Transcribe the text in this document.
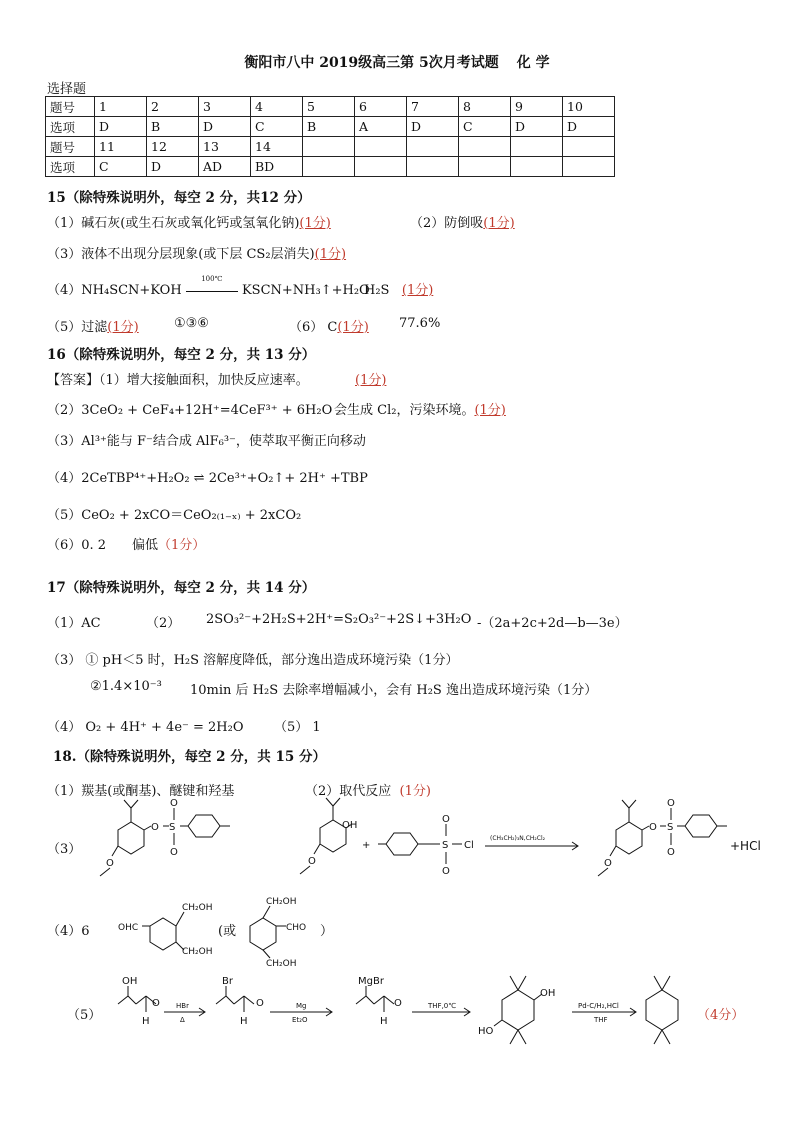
衡阳市八中 2019级高三第 5次月考试题 化 学
选择题
题号	1	2	3	4	5	6	7	8	9	10
选项	D	B	D	C	B	A	D	C	D	D
题号	11	12	13	14						
选项	C	D	AD	BD						
15（除特殊说明外，每空 2 分，共12 分）
（1）碱石灰(或生石灰或氧化钙或氢氧化钠)(1分)	（2）防倒吸(1分)
（3）液体不出现分层现象(或下层 CS₂层消失)(1分)
（4）NH₄SCN+KOH
100℃
KSCN+NH₃↑+H₂O
H₂S (1分)
（5）过滤(1分)	①③⑥	（6） C(1分) 77.6%
16（除特殊说明外，每空 2 分，共 13 分）
【答案】（1）增大接触面积，加快反应速率。	(1分)
（2）3CeO₂ + CeF₄+12H⁺=4CeF³⁺ + 6H₂O 会生成 Cl₂，污染环境。(1分)
（3）Al³⁺能与 F⁻结合成 AlF₆³⁻，使萃取平衡正向移动
（4）2CeTBP⁴⁺+H₂O₂ ⇌ 2Ce³⁺+O₂↑+ 2H⁺ +TBP
（5）CeO₂ + 2xCO＝CeO₂₍₁₋ₓ₎ + 2xCO₂
（6）0. 2 偏低（1分）
17（除特殊说明外，每空 2 分，共 14 分）
（1）AC	（2） 2SO₃²⁻+2H₂S+2H⁺=S₂O₃²⁻+2S↓+3H₂O -（2a+2c+2d—b—3e）
（3） ① pH＜5 时，H₂S 溶解度降低，部分逸出造成环境污染（1分）
②1.4×10⁻³ 10min 后 H₂S 去除率增幅减小，会有 H₂S 逸出造成环境污染（1分）
（4） O₂ + 4H⁺ + 4e⁻ = 2H₂O （5） 1
18.（除特殊说明外，每空 2 分，共 15 分）
（1）羰基(或酮基)、醚键和羟基	（2）取代反应 (1分)
（3）
（4）6	(或	）
（5）	（4分）
O S
O
O
O
OH
O
+	S
O
O
Cl
(CH₃CH₂)₃N,CH₂Cl₂
O S
O
O
O
+HCl
OHC
CH₂OH
CH₂OH
CH₂OH
CHO
CH₂OH
OH
O
H
HBr
Δ
Br
O
H
Mg
Et₂O
MgBr
O
H
THF,0℃
OH
HO
Pd-C/H₂,HCl
THF
